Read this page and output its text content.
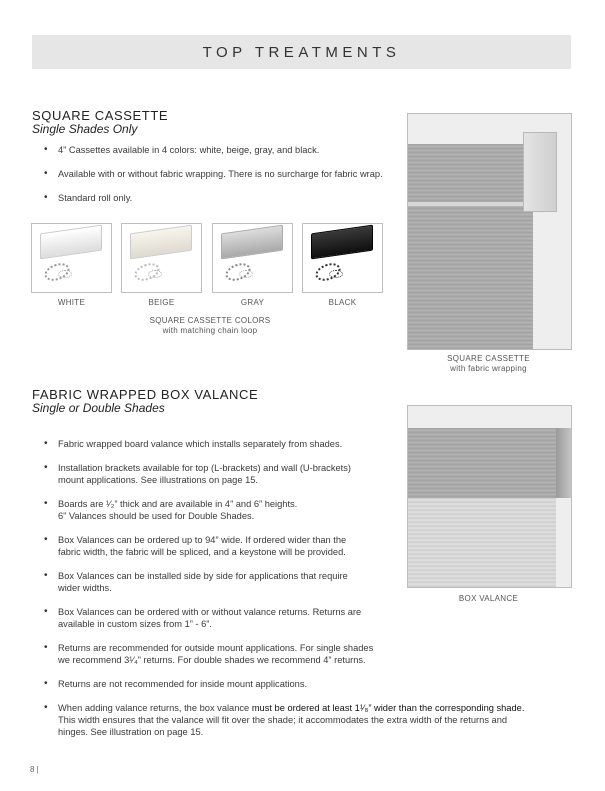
TOP TREATMENTS
SQUARE CASSETTE
Single Shades Only
• 4” Cassettes available in 4 colors: white, beige, gray, and black.
• Available with or without fabric wrapping. There is no surcharge for fabric wrap.
• Standard roll only.
WHITE	BEIGE	GRAY	BLACK
SQUARE CASSETTE COLORS
with matching chain loop
SQUARE CASSETTE
with fabric wrapping
FABRIC WRAPPED BOX VALANCE
Single or Double Shades
• Fabric wrapped board valance which installs separately from shades.
• Installation brackets available for top (L-brackets) and wall (U-brackets)
mount applications. See illustrations on page 15.
• Boards are ¹⁄₂” thick and are available in 4” and 6” heights.
6” Valances should be used for Double Shades.
• Box Valances can be ordered up to 94” wide. If ordered wider than the
fabric width, the fabric will be spliced, and a keystone will be provided.
• Box Valances can be installed side by side for applications that require
wider widths.
• Box Valances can be ordered with or without valance returns. Returns are
available in custom sizes from 1” - 6”.
• Returns are recommended for outside mount applications. For single shades
we recommend 3¹⁄₄” returns. For double shades we recommend 4” returns.
• Returns are not recommended for inside mount applications.
• When adding valance returns, the box valance must be ordered at least 1¹⁄₈” wider than the corresponding shade.
This width ensures that the valance will fit over the shade; it accommodates the extra width of the returns and
hinges. See illustration on page 15.
BOX VALANCE
8 |
